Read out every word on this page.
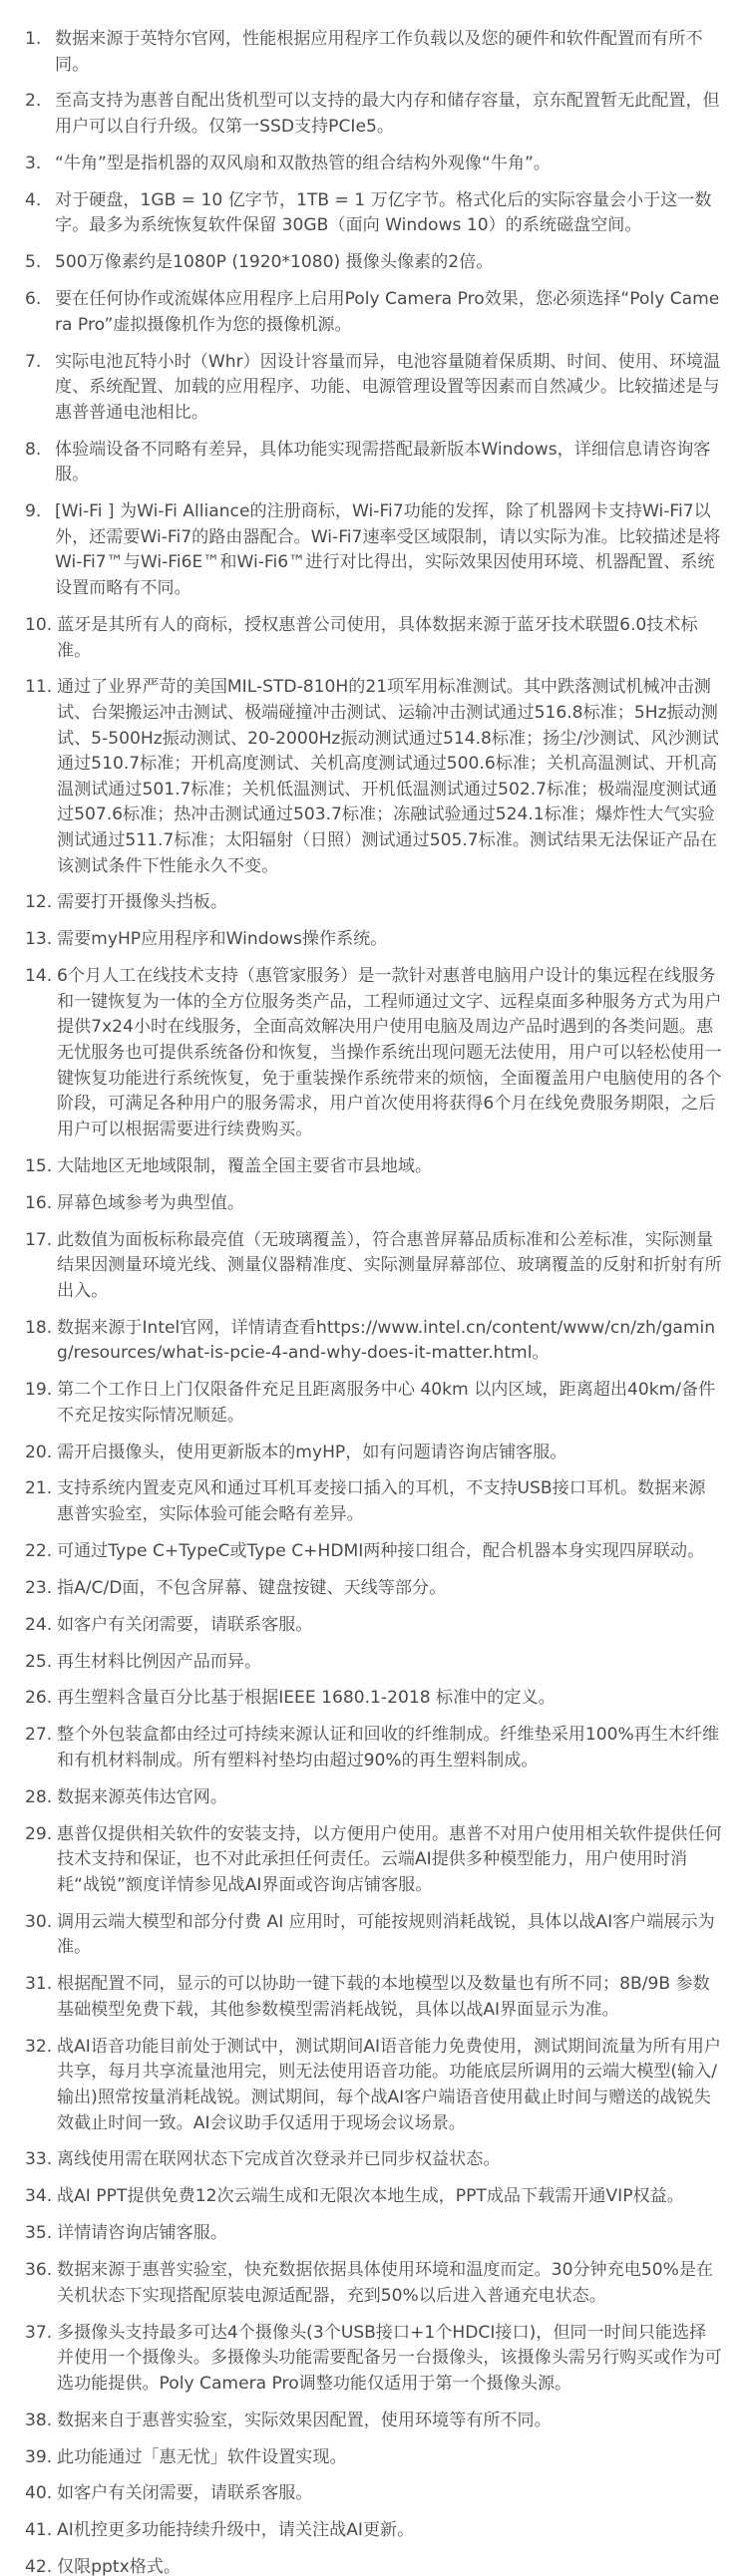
1. 数据来源于英特尔官网，性能根据应用程序工作负载以及您的硬件和软件配置而有所不同。
2. 至高支持为惠普自配出货机型可以支持的最大内存和储存容量，京东配置暂无此配置，但用户可以自行升级。仅第一SSD支持PCIe5。
3. “牛角”型是指机器的双风扇和双散热管的组合结构外观像“牛角”。
4. 对于硬盘，1GB = 10 亿字节，1TB = 1 万亿字节。格式化后的实际容量会小于这一数字。最多为系统恢复软件保留 30GB（面向 Windows 10）的系统磁盘空间。
5. 500万像素约是1080P (1920*1080) 摄像头像素的2倍。
6. 要在任何协作或流媒体应用程序上启用Poly Camera Pro效果，您必须选择“Poly Camera Pro”虚拟摄像机作为您的摄像机源。
7. 实际电池瓦特小时（Whr）因设计容量而异，电池容量随着保质期、时间、使用、环境温度、系统配置、加载的应用程序、功能、电源管理设置等因素而自然减少。比较描述是与惠普普通电池相比。
8. 体验端设备不同略有差异，具体功能实现需搭配最新版本Windows，详细信息请咨询客服。
9. [Wi-Fi ] 为Wi-Fi Alliance的注册商标，Wi-Fi7功能的发挥，除了机器网卡支持Wi-Fi7以外，还需要Wi-Fi7的路由器配合。Wi-Fi7速率受区域限制，请以实际为准。比较描述是将Wi-Fi7™与Wi-Fi6E™和Wi-Fi6™进行对比得出，实际效果因使用环境、机器配置、系统设置而略有不同。
10. 蓝牙是其所有人的商标，授权惠普公司使用，具体数据来源于蓝牙技术联盟6.0技术标准。
11. 通过了业界严苛的美国MIL-STD-810H的21项军用标准测试。其中跌落测试机械冲击测试、台架搬运冲击测试、极端碰撞冲击测试、运输冲击测试通过516.8标准；5Hz振动测试、5-500Hz振动测试、20-2000Hz振动测试通过514.8标准；扬尘/沙测试、风沙测试通过510.7标准；开机高度测试、关机高度测试通过500.6标准；关机高温测试、开机高温测试通过501.7标准；关机低温测试、开机低温测试通过502.7标准；极端湿度测试通过507.6标准；热冲击测试通过503.7标准；冻融试验通过524.1标准；爆炸性大气实验测试通过511.7标准；太阳辐射（日照）测试通过505.7标准。测试结果无法保证产品在该测试条件下性能永久不变。
12. 需要打开摄像头挡板。
13. 需要myHP应用程序和Windows操作系统。
14. 6个月人工在线技术支持（惠管家服务）是一款针对惠普电脑用户设计的集远程在线服务和一键恢复为一体的全方位服务类产品，工程师通过文字、远程桌面多种服务方式为用户提供7x24小时在线服务，全面高效解决用户使用电脑及周边产品时遇到的各类问题。惠无忧服务也可提供系统备份和恢复，当操作系统出现问题无法使用，用户可以轻松使用一键恢复功能进行系统恢复，免于重装操作系统带来的烦恼，全面覆盖用户电脑使用的各个阶段，可满足各种用户的服务需求，用户首次使用将获得6个月在线免费服务期限，之后用户可以根据需要进行续费购买。
15. 大陆地区无地域限制，覆盖全国主要省市县地域。
16. 屏幕色域参考为典型值。
17. 此数值为面板标称最亮值（无玻璃覆盖），符合惠普屏幕品质标准和公差标准，实际测量结果因测量环境光线、测量仪器精准度、实际测量屏幕部位、玻璃覆盖的反射和折射有所出入。
18. 数据来源于Intel官网，详情请查看https://www.intel.cn/content/www/cn/zh/gaming/resources/what-is-pcie-4-and-why-does-it-matter.html。
19. 第二个工作日上门仅限备件充足且距离服务中心 40km 以内区域，距离超出40km/备件不充足按实际情况顺延。
20. 需开启摄像头，使用更新版本的myHP，如有问题请咨询店铺客服。
21. 支持系统内置麦克风和通过耳机耳麦接口插入的耳机，不支持USB接口耳机。数据来源惠普实验室，实际体验可能会略有差异。
22. 可通过Type C+TypeC或Type C+HDMI两种接口组合，配合机器本身实现四屏联动。
23. 指A/C/D面，不包含屏幕、键盘按键、天线等部分。
24. 如客户有关闭需要，请联系客服。
25. 再生材料比例因产品而异。
26. 再生塑料含量百分比基于根据IEEE 1680.1-2018 标准中的定义。
27. 整个外包装盒都由经过可持续来源认证和回收的纤维制成。纤维垫采用100%再生木纤维和有机材料制成。所有塑料衬垫均由超过90%的再生塑料制成。
28. 数据来源英伟达官网。
29. 惠普仅提供相关软件的安装支持，以方便用户使用。惠普不对用户使用相关软件提供任何技术支持和保证，也不对此承担任何责任。云端AI提供多种模型能力，用户使用时消耗“战锐”额度详情参见战AI界面或咨询店铺客服。
30. 调用云端大模型和部分付费 AI 应用时，可能按规则消耗战锐，具体以战AI客户端展示为准。
31. 根据配置不同，显示的可以协助一键下载的本地模型以及数量也有所不同；8B/9B 参数基础模型免费下载，其他参数模型需消耗战锐，具体以战AI界面显示为准。
32. 战AI语音功能目前处于测试中，测试期间AI语音能力免费使用，测试期间流量为所有用户共享，每月共享流量池用完，则无法使用语音功能。功能底层所调用的云端大模型(输入/输出)照常按量消耗战锐。测试期间，每个战AI客户端语音使用截止时间与赠送的战锐失效截止时间一致。AI会议助手仅适用于现场会议场景。
33. 离线使用需在联网状态下完成首次登录并已同步权益状态。
34. 战AI PPT提供免费12次云端生成和无限次本地生成，PPT成品下载需开通VIP权益。
35. 详情请咨询店铺客服。
36. 数据来源于惠普实验室，快充数据依据具体使用环境和温度而定。30分钟充电50%是在关机状态下实现搭配原装电源适配器，充到50%以后进入普通充电状态。
37. 多摄像头支持最多可达4个摄像头(3个USB接口+1个HDCI接口)，但同一时间只能选择并使用一个摄像头。多摄像头功能需要配备另一台摄像头，该摄像头需另行购买或作为可选功能提供。Poly Camera Pro调整功能仅适用于第一个摄像头源。
38. 数据来自于惠普实验室，实际效果因配置，使用环境等有所不同。
39. 此功能通过「惠无忧」软件设置实现。
40. 如客户有关闭需要，请联系客服。
41. AI机控更多功能持续升级中，请关注战AI更新。
42. 仅限pptx格式。
